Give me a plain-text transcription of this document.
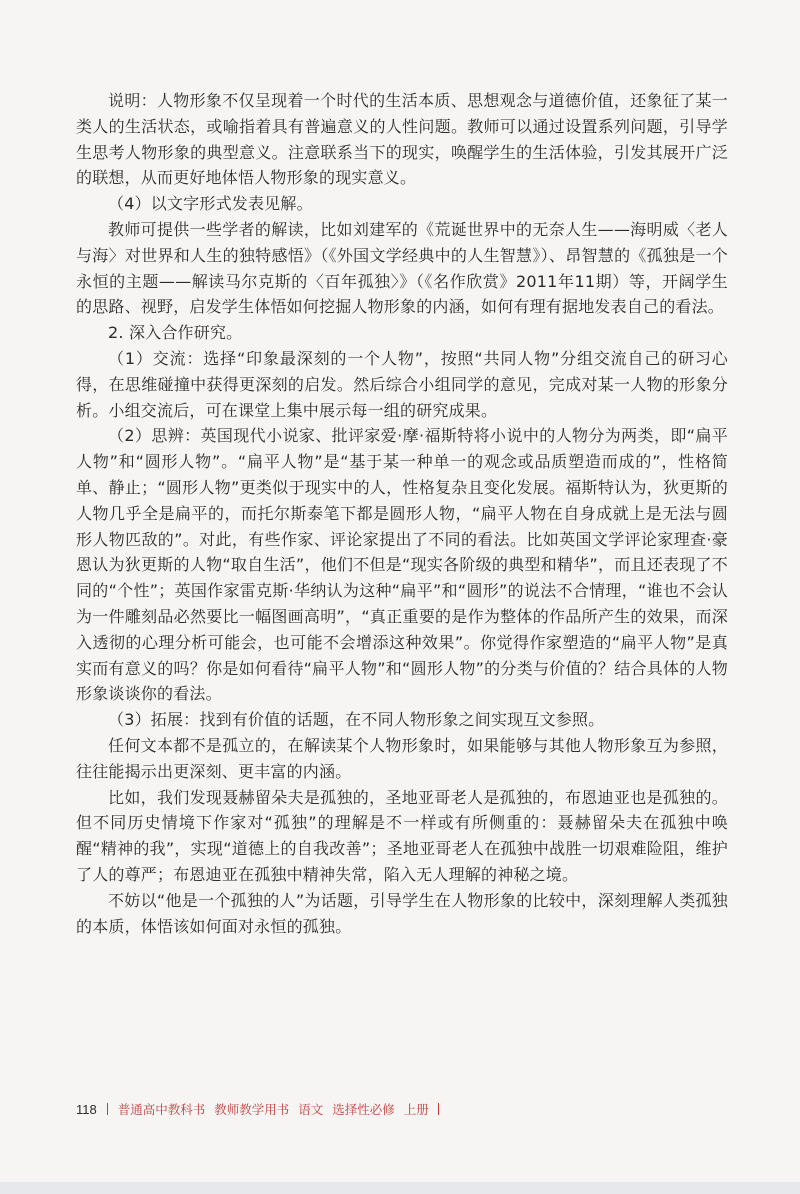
说明：人物形象不仅呈现着一个时代的生活本质、思想观念与道德价值，还象征了某一类人的生活状态，或喻指着具有普遍意义的人性问题。教师可以通过设置系列问题，引导学生思考人物形象的典型意义。注意联系当下的现实，唤醒学生的生活体验，引发其展开广泛的联想，从而更好地体悟人物形象的现实意义。

（4）以文字形式发表见解。

教师可提供一些学者的解读，比如刘建军的《荒诞世界中的无奈人生——海明威〈老人与海〉对世界和人生的独特感悟》（《外国文学经典中的人生智慧》）、昂智慧的《孤独是一个永恒的主题——解读马尔克斯的〈百年孤独〉》（《名作欣赏》2011年11期）等，开阔学生的思路、视野，启发学生体悟如何挖掘人物形象的内涵，如何有理有据地发表自己的看法。

2. 深入合作研究。

（1）交流：选择“印象最深刻的一个人物”，按照“共同人物”分组交流自己的研习心得，在思维碰撞中获得更深刻的启发。然后综合小组同学的意见，完成对某一人物的形象分析。小组交流后，可在课堂上集中展示每一组的研究成果。

（2）思辨：英国现代小说家、批评家爱·摩·福斯特将小说中的人物分为两类，即“扁平人物”和“圆形人物”。“扁平人物”是“基于某一种单一的观念或品质塑造而成的”，性格简单、静止；“圆形人物”更类似于现实中的人，性格复杂且变化发展。福斯特认为，狄更斯的人物几乎全是扁平的，而托尔斯泰笔下都是圆形人物，“扁平人物在自身成就上是无法与圆形人物匹敌的”。对此，有些作家、评论家提出了不同的看法。比如英国文学评论家理查·豪恩认为狄更斯的人物“取自生活”，他们不但是“现实各阶级的典型和精华”，而且还表现了不同的“个性”；英国作家雷克斯·华纳认为这种“扁平”和“圆形”的说法不合情理，“谁也不会认为一件雕刻品必然要比一幅图画高明”，“真正重要的是作为整体的作品所产生的效果，而深入透彻的心理分析可能会，也可能不会增添这种效果”。你觉得作家塑造的“扁平人物”是真实而有意义的吗？你是如何看待“扁平人物”和“圆形人物”的分类与价值的？结合具体的人物形象谈谈你的看法。

（3）拓展：找到有价值的话题，在不同人物形象之间实现互文参照。

任何文本都不是孤立的，在解读某个人物形象时，如果能够与其他人物形象互为参照，往往能揭示出更深刻、更丰富的内涵。

比如，我们发现聂赫留朵夫是孤独的，圣地亚哥老人是孤独的，布恩迪亚也是孤独的。但不同历史情境下作家对“孤独”的理解是不一样或有所侧重的：聂赫留朵夫在孤独中唤醒“精神的我”，实现“道德上的自我改善”；圣地亚哥老人在孤独中战胜一切艰难险阻，维护了人的尊严；布恩迪亚在孤独中精神失常，陷入无人理解的神秘之境。

不妨以“他是一个孤独的人”为话题，引导学生在人物形象的比较中，深刻理解人类孤独的本质，体悟该如何面对永恒的孤独。

118 普通高中教科书 教师教学用书 语文 选择性必修 上册
